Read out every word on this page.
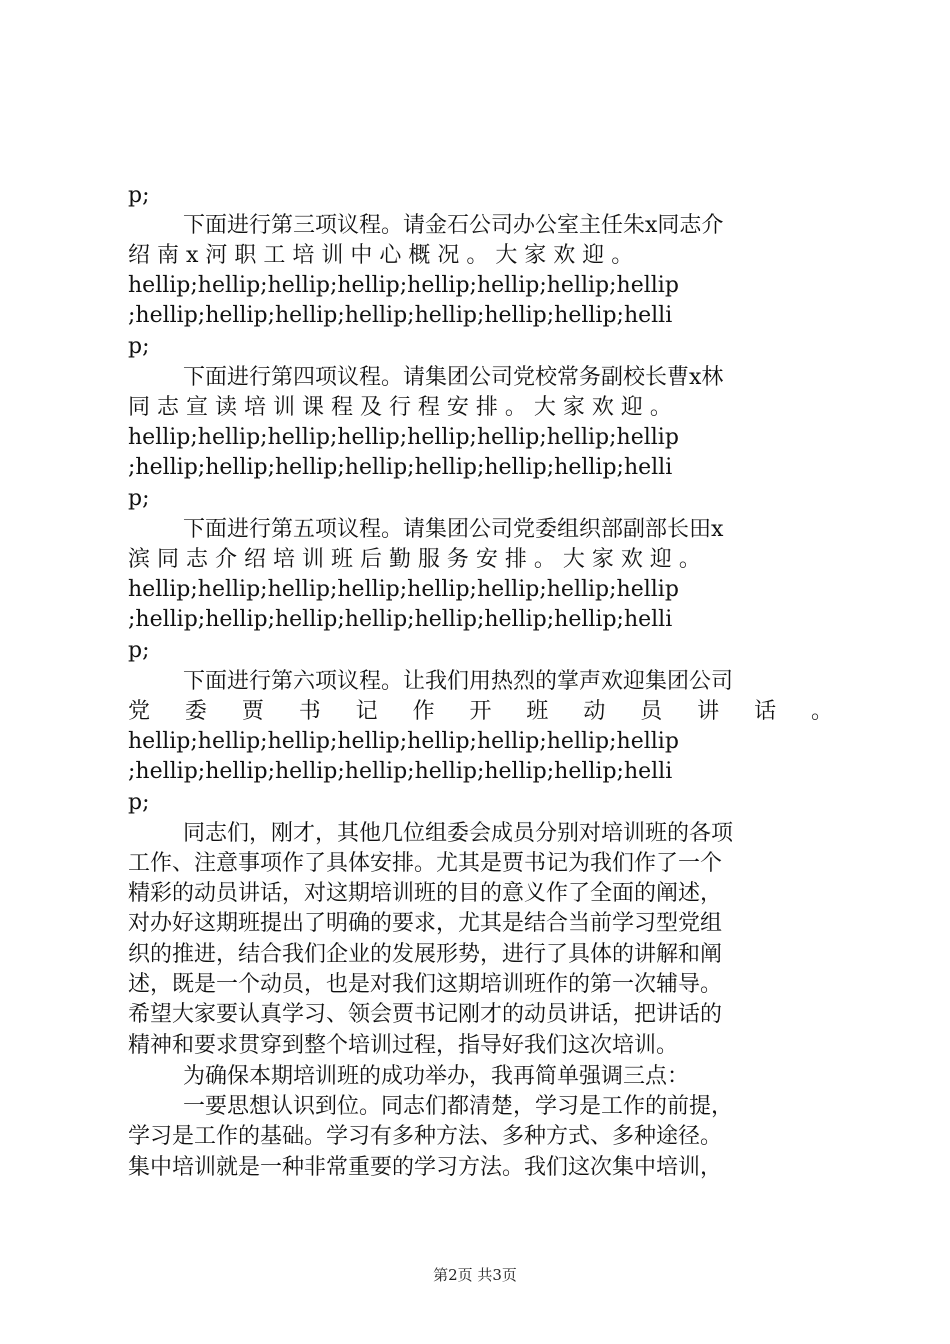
p;
下面进行第三项议程。请金石公司办公室主任朱x同志介
绍 南 x 河 职 工 培 训 中 心 概 况 。 大 家 欢 迎 。
hellip;hellip;hellip;hellip;hellip;hellip;hellip;hellip
;hellip;hellip;hellip;hellip;hellip;hellip;hellip;helli
p;
下面进行第四项议程。请集团公司党校常务副校长曹x林
同 志 宣 读 培 训 课 程 及 行 程 安 排 。 大 家 欢 迎 。
hellip;hellip;hellip;hellip;hellip;hellip;hellip;hellip
;hellip;hellip;hellip;hellip;hellip;hellip;hellip;helli
p;
下面进行第五项议程。请集团公司党委组织部副部长田x
滨 同 志 介 绍 培 训 班 后 勤 服 务 安 排 。 大 家 欢 迎 。
hellip;hellip;hellip;hellip;hellip;hellip;hellip;hellip
;hellip;hellip;hellip;hellip;hellip;hellip;hellip;helli
p;
下面进行第六项议程。让我们用热烈的掌声欢迎集团公司
党 委 贾 书 记 作 开 班 动 员 讲 话 。
hellip;hellip;hellip;hellip;hellip;hellip;hellip;hellip
;hellip;hellip;hellip;hellip;hellip;hellip;hellip;helli
p;
同志们，刚才，其他几位组委会成员分别对培训班的各项
工作、注意事项作了具体安排。尤其是贾书记为我们作了一个
精彩的动员讲话，对这期培训班的目的意义作了全面的阐述，
对办好这期班提出了明确的要求，尤其是结合当前学习型党组
织的推进，结合我们企业的发展形势，进行了具体的讲解和阐
述，既是一个动员，也是对我们这期培训班作的第一次辅导。
希望大家要认真学习、领会贾书记刚才的动员讲话，把讲话的
精神和要求贯穿到整个培训过程，指导好我们这次培训。
为确保本期培训班的成功举办，我再简单强调三点：
一要思想认识到位。同志们都清楚，学习是工作的前提，
学习是工作的基础。学习有多种方法、多种方式、多种途径。
集中培训就是一种非常重要的学习方法。我们这次集中培训，
第2页 共3页
